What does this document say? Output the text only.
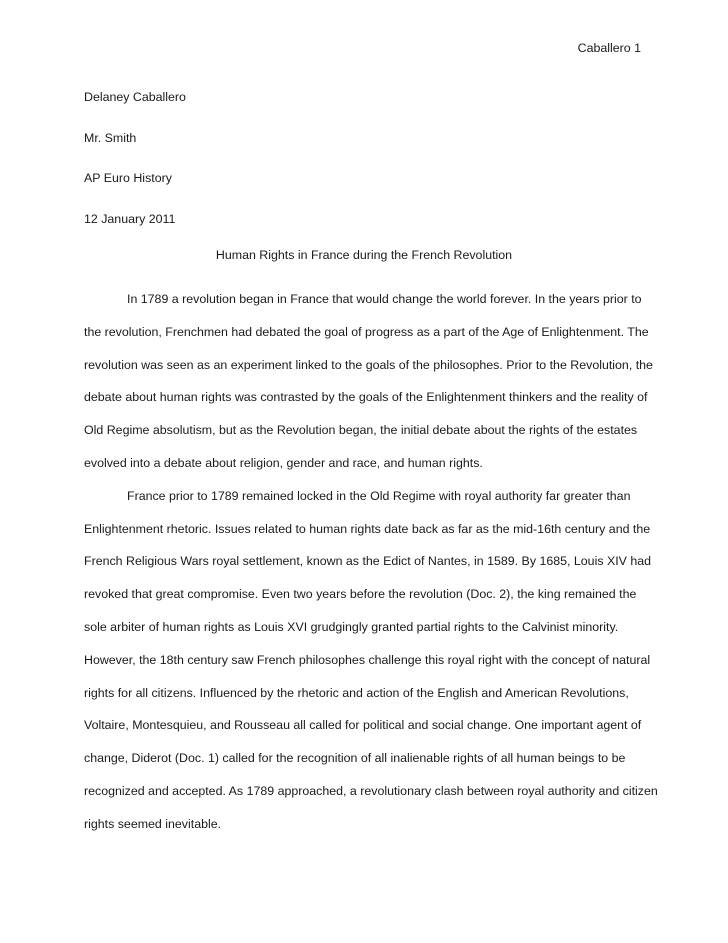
Caballero 1
Delaney Caballero
Mr. Smith
AP Euro History
12 January 2011
Human Rights in France during the French Revolution
In 1789 a revolution began in France that would change the world forever. In the years prior to
the revolution, Frenchmen had debated the goal of progress as a part of the Age of Enlightenment. The
revolution was seen as an experiment linked to the goals of the philosophes. Prior to the Revolution, the
debate about human rights was contrasted by the goals of the Enlightenment thinkers and the reality of
Old Regime absolutism, but as the Revolution began, the initial debate about the rights of the estates
evolved into a debate about religion, gender and race, and human rights.
France prior to 1789 remained locked in the Old Regime with royal authority far greater than
Enlightenment rhetoric. Issues related to human rights date back as far as the mid-16th century and the
French Religious Wars royal settlement, known as the Edict of Nantes, in 1589. By 1685, Louis XIV had
revoked that great compromise. Even two years before the revolution (Doc. 2), the king remained the
sole arbiter of human rights as Louis XVI grudgingly granted partial rights to the Calvinist minority.
However, the 18th century saw French philosophes challenge this royal right with the concept of natural
rights for all citizens. Influenced by the rhetoric and action of the English and American Revolutions,
Voltaire, Montesquieu, and Rousseau all called for political and social change. One important agent of
change, Diderot (Doc. 1) called for the recognition of all inalienable rights of all human beings to be
recognized and accepted. As 1789 approached, a revolutionary clash between royal authority and citizen
rights seemed inevitable.
